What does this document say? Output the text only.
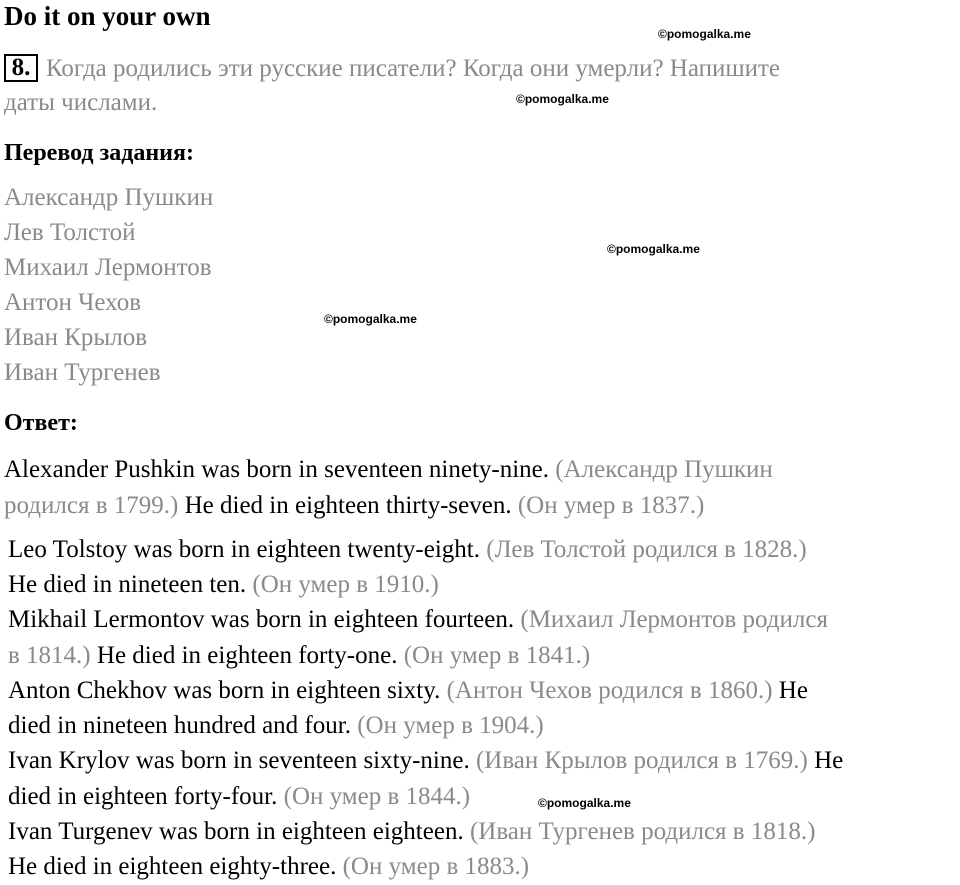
Do it on your own
©pomogalka.me
©pomogalka.me
©pomogalka.me
©pomogalka.me
©pomogalka.me
8. Когда родились эти русские писатели? Когда они умерли? Напишите
даты числами.
Перевод задания:
Александр Пушкин
Лев Толстой
Михаил Лермонтов
Антон Чехов
Иван Крылов
Иван Тургенев
Ответ:
Alexander Pushkin was born in seventeen ninety-nine. (Александр Пушкин
родился в 1799.) He died in eighteen thirty-seven. (Он умер в 1837.)
Leo Tolstoy was born in eighteen twenty-eight. (Лев Толстой родился в 1828.)
He died in nineteen ten. (Он умер в 1910.)
Mikhail Lermontov was born in eighteen fourteen. (Михаил Лермонтов родился
в 1814.) He died in eighteen forty-one. (Он умер в 1841.)
Anton Chekhov was born in eighteen sixty. (Антон Чехов родился в 1860.) He
died in nineteen hundred and four. (Он умер в 1904.)
Ivan Krylov was born in seventeen sixty-nine. (Иван Крылов родился в 1769.) He
died in eighteen forty-four. (Он умер в 1844.)
Ivan Turgenev was born in eighteen eighteen. (Иван Тургенев родился в 1818.)
He died in eighteen eighty-three. (Он умер в 1883.)
